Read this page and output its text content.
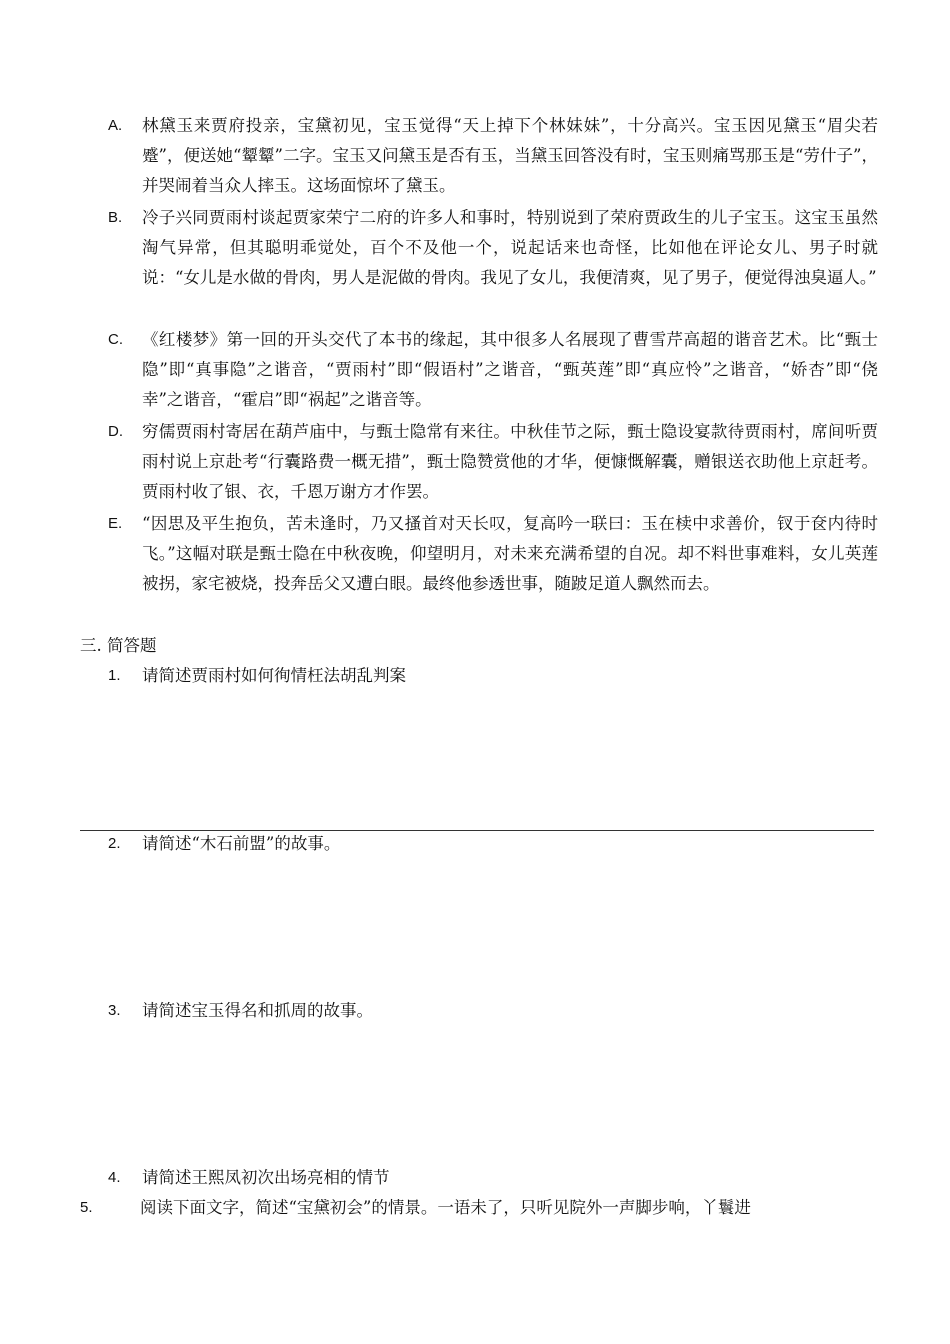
A. 林黛玉来贾府投亲，宝黛初见，宝玉觉得“天上掉下个林妹妹”，十分高兴。宝玉因见黛玉“眉尖若蹙”，便送她“颦颦”二字。宝玉又问黛玉是否有玉，当黛玉回答没有时，宝玉则痛骂那玉是“劳什子”，并哭闹着当众人摔玉。这场面惊坏了黛玉。
B. 冷子兴同贾雨村谈起贾家荣宁二府的许多人和事时，特别说到了荣府贾政生的儿子宝玉。这宝玉虽然淘气异常，但其聪明乖觉处，百个不及他一个，说起话来也奇怪，比如他在评论女儿、男子时就说：“女儿是水做的骨肉，男人是泥做的骨肉。我见了女儿，我便清爽，见了男子，便觉得浊臭逼人。”
C. 《红楼梦》第一回的开头交代了本书的缘起，其中很多人名展现了曹雪芹高超的谐音艺术。比“甄士隐”即“真事隐”之谐音，“贾雨村”即“假语村”之谐音，“甄英莲”即“真应怜”之谐音，“娇杏”即“侥幸”之谐音，“霍启”即“祸起”之谐音等。
D. 穷儒贾雨村寄居在葫芦庙中，与甄士隐常有来往。中秋佳节之际，甄士隐设宴款待贾雨村，席间听贾雨村说上京赴考“行囊路费一概无措”，甄士隐赞赏他的才华，便慷慨解囊，赠银送衣助他上京赶考。贾雨村收了银、衣，千恩万谢方才作罢。
E. “因思及平生抱负，苦未逢时，乃又搔首对天长叹，复高吟一联曰：玉在椟中求善价，钗于奁内待时飞。”这幅对联是甄士隐在中秋夜晚，仰望明月，对未来充满希望的自况。却不料世事难料，女儿英莲被拐，家宅被烧，投奔岳父又遭白眼。最终他参透世事，随跛足道人飘然而去。
三. 简答题
1. 请简述贾雨村如何徇情枉法胡乱判案
2. 请简述“木石前盟”的故事。
3. 请简述宝玉得名和抓周的故事。
4. 请简述王熙凤初次出场亮相的情节
5.	阅读下面文字，简述“宝黛初会”的情景。一语未了，只听见院外一声脚步响，丫鬟进
